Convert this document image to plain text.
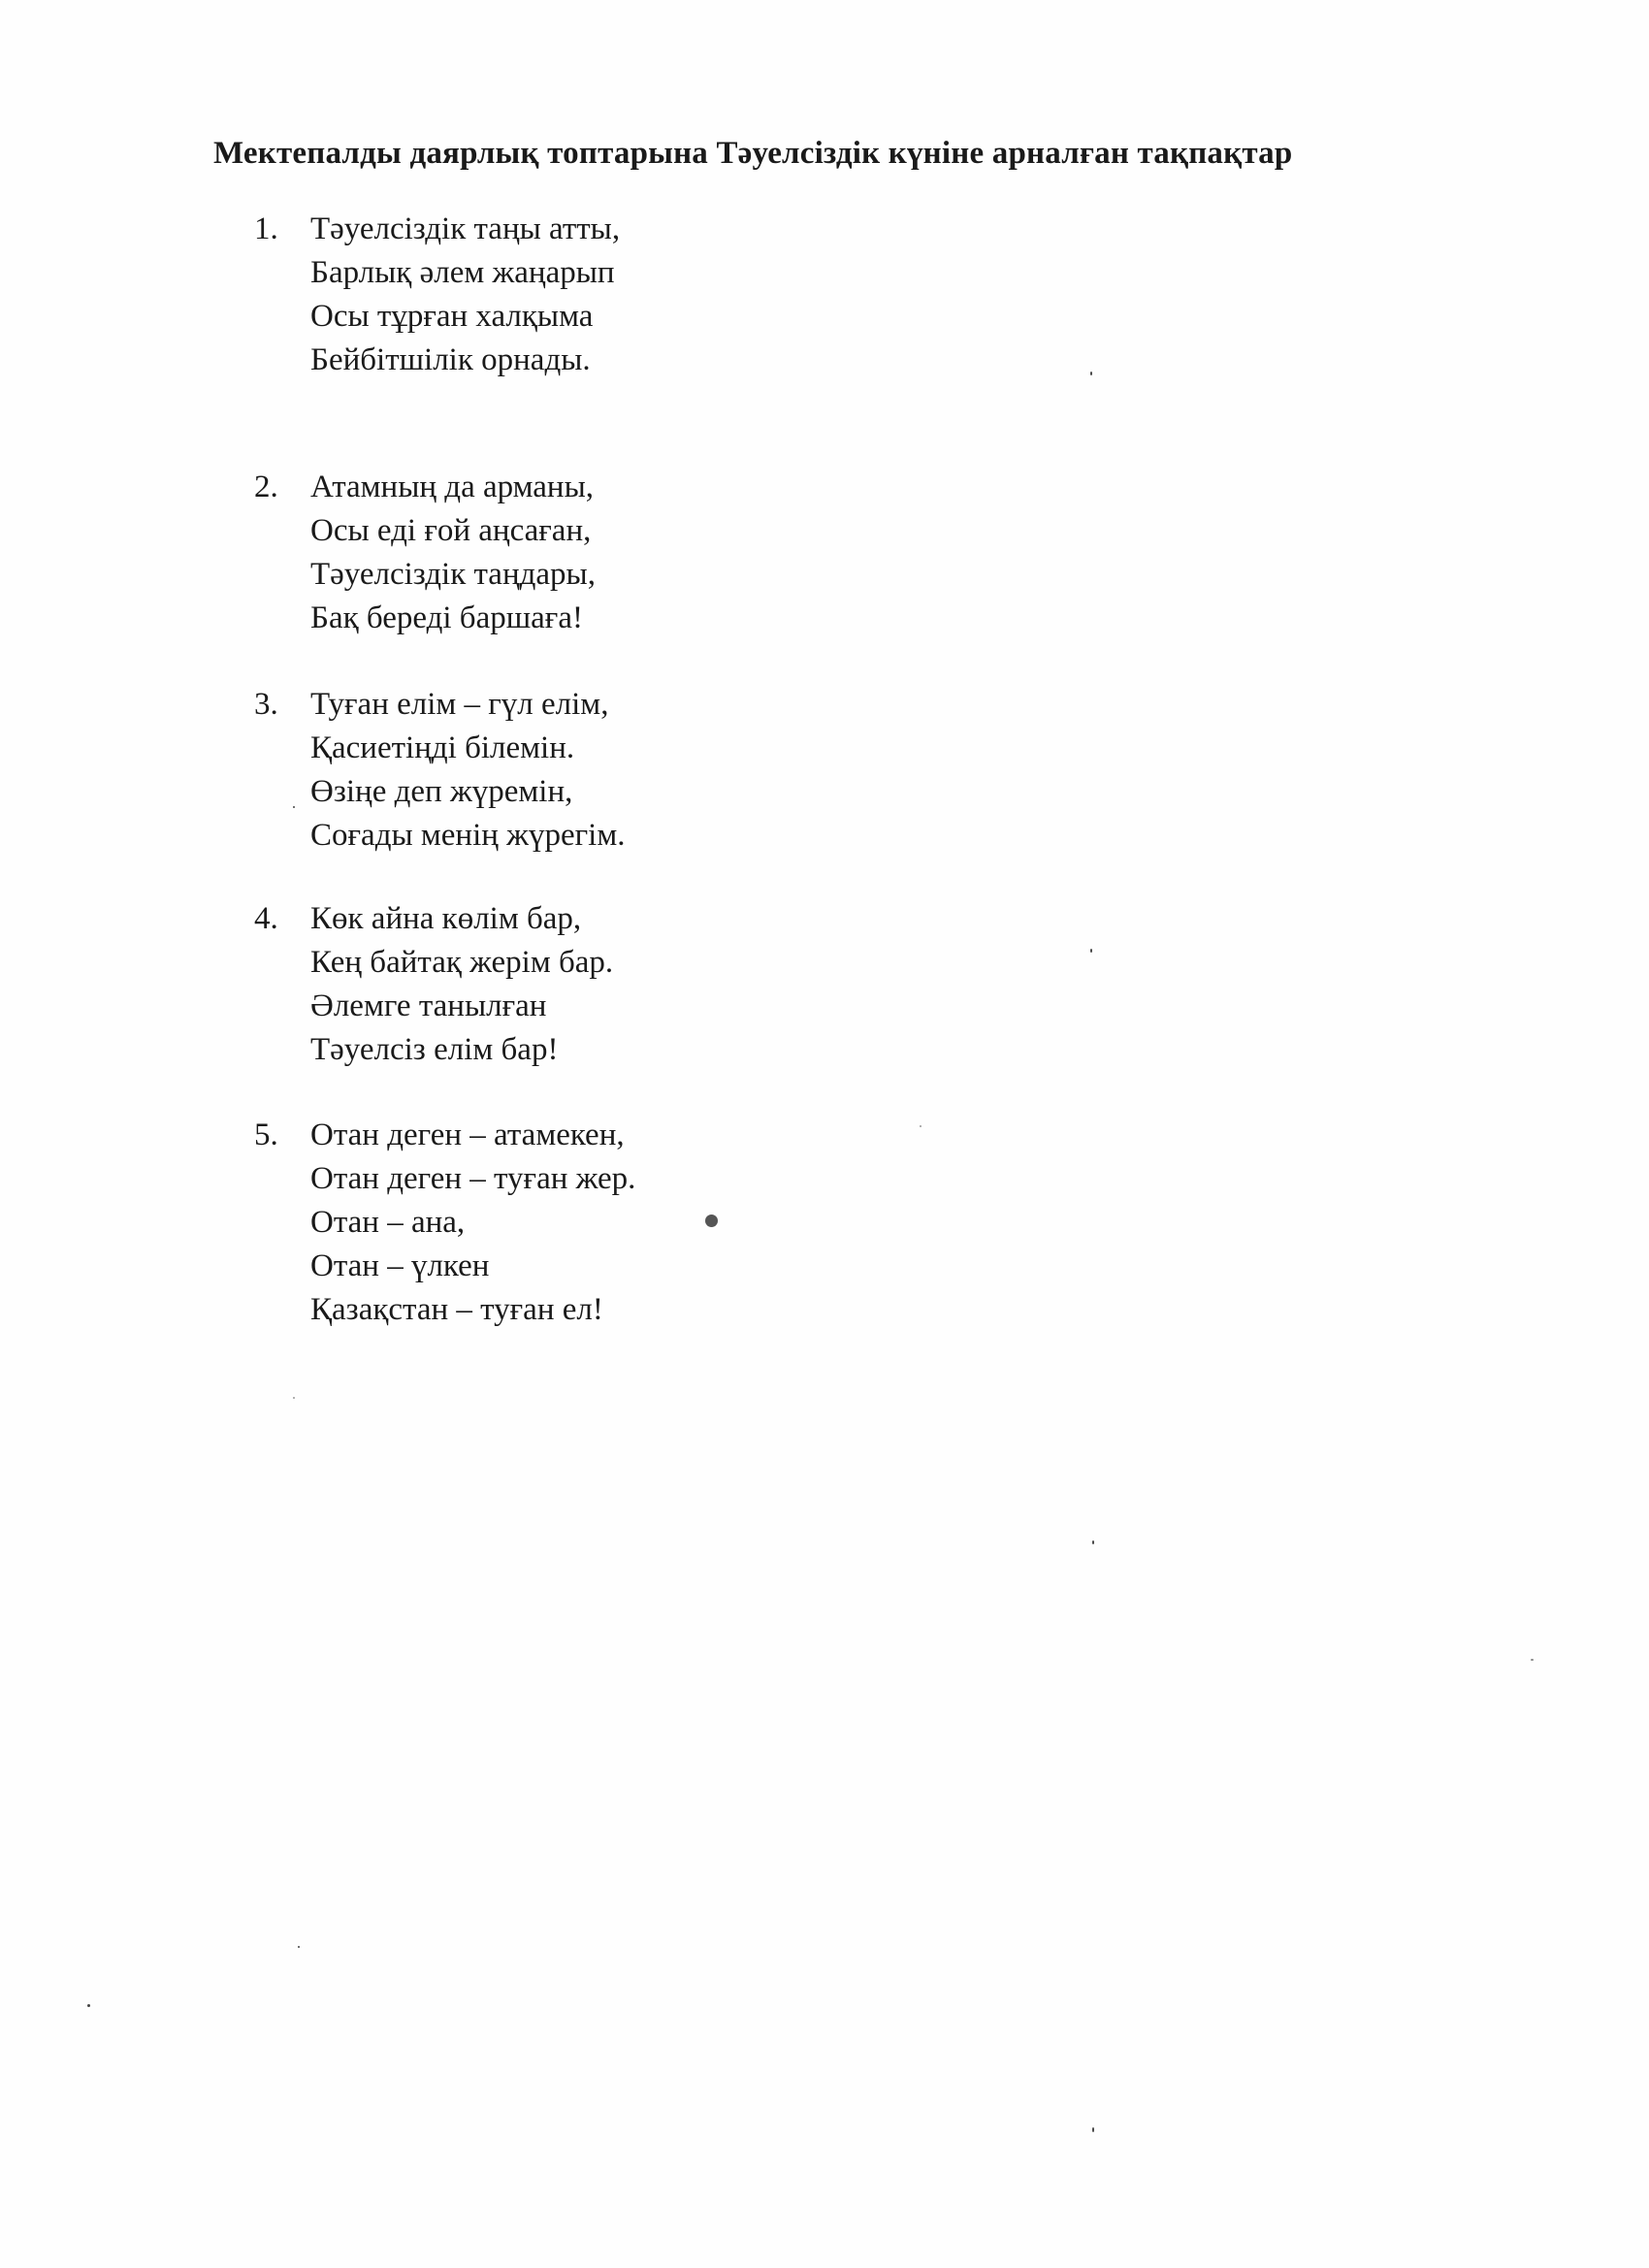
Мектепалды даярлық топтарына Тәуелсіздік күніне арналған тақпақтар
1.	Тәуелсіздік таңы атты,
Барлық әлем жаңарып
Осы тұрған халқыма
Бейбітшілік орнады.
2.	Атамның да арманы,
Осы еді ғой аңсаған,
Тәуелсіздік таңдары,
Бақ береді баршаға!
3.	Туған елім – гүл елім,
Қасиетіңді білемін.
Өзіңе деп жүремін,
Соғады менің жүрегім.
4.	Көк айна көлім бар,
Кең байтақ жерім бар.
Әлемге танылған
Тәуелсіз елім бар!
5.	Отан деген – атамекен,
Отан деген – туған жер.
Отан – ана,
Отан – үлкен
Қазақстан – туған ел!
